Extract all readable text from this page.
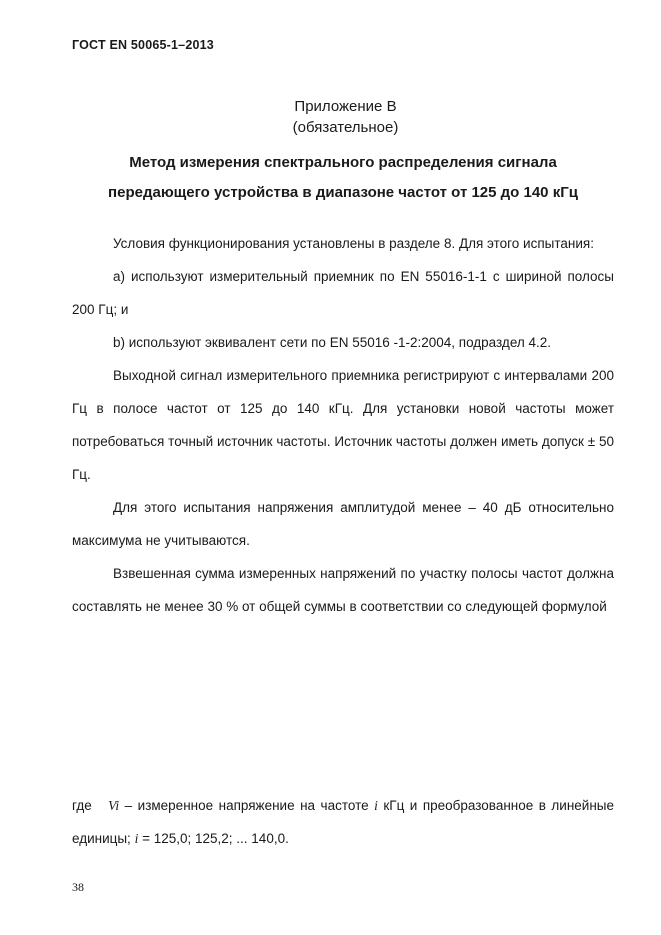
ГОСТ EN 50065-1–2013
Приложение В
(обязательное)
Метод измерения спектрального распределения сигнала
передающего устройства в диапазоне частот от 125 до 140 кГц

Условия функционирования установлены в разделе 8. Для этого испытания:

а) используют измерительный приемник по EN 55016-1-1 с шириной полосы 200 Гц; и

b) используют эквивалент сети по EN 55016 -1-2:2004, подраздел 4.2.

Выходной сигнал измерительного приемника регистрируют с интервалами 200 Гц в полосе частот от 125 до 140 кГц. Для установки новой частоты может потребоваться точный источник частоты. Источник частоты должен иметь допуск ± 50 Гц.

Для этого испытания напряжения амплитудой менее – 40 дБ относительно максимума не учитываются.

Взвешенная сумма измеренных напряжений по участку полосы частот должна составлять не менее 30 % от общей суммы в соответствии со следующей формулой

где Vi – измеренное напряжение на частоте i кГц и преобразованное в линейные единицы; i = 125,0; 125,2; ... 140,0.
38
